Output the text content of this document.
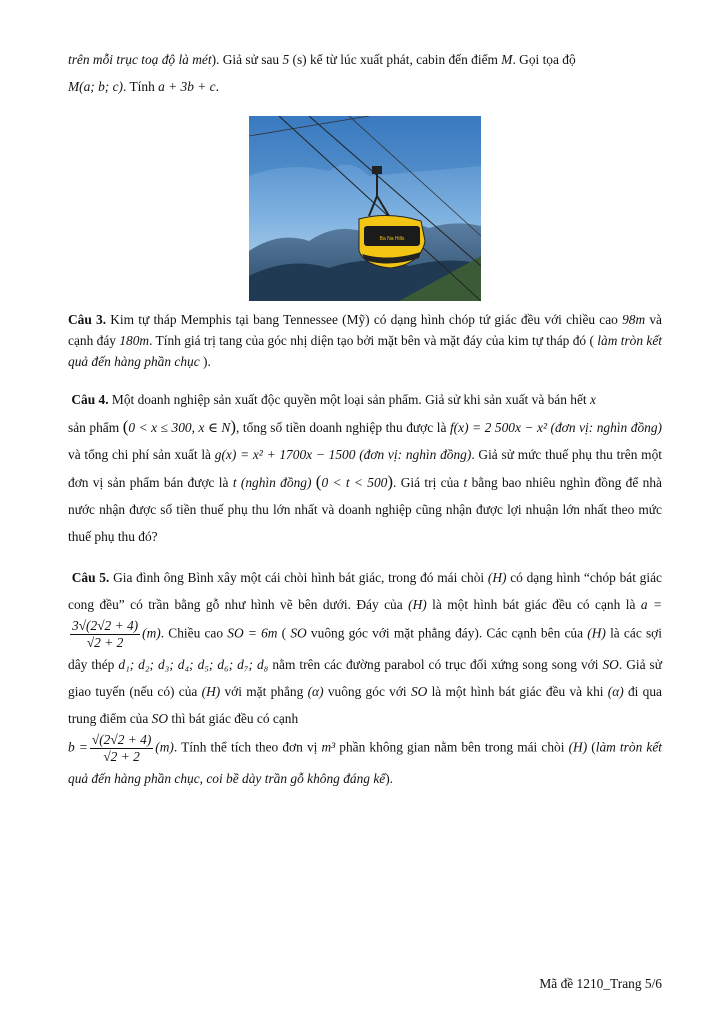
trên mỗi trục toạ độ là mét). Giả sử sau 5 (s) kể từ lúc xuất phát, cabin đến điểm M. Gọi tọa độ
M(a; b; c). Tính a + 3b + c.

Ba Na Hills

Câu 3. Kim tự tháp Memphis tại bang Tennessee (Mỹ) có dạng hình chóp tứ giác đều với chiều cao 98m và cạnh đáy 180m. Tính giá trị tang của góc nhị diện tạo bởi mặt bên và mặt đáy của kim tự tháp đó ( làm tròn kết quả đến hàng phần chục ).

Câu 4. Một doanh nghiệp sản xuất độc quyền một loại sản phẩm. Giả sử khi sản xuất và bán hết x
sản phẩm (0 < x ≤ 300, x ∈ N), tổng số tiền doanh nghiệp thu được là f(x) = 2 500x − x² (đơn vị: nghìn đồng) và tổng chi phí sản xuất là g(x) = x² + 1700x − 1500 (đơn vị: nghìn đồng). Giả sử mức thuế phụ thu trên một đơn vị sản phẩm bán được là t (nghìn đồng) (0 < t < 500). Giá trị của t bằng bao nhiêu nghìn đồng để nhà nước nhận được số tiền thuế phụ thu lớn nhất và doanh nghiệp cũng nhận được lợi nhuận lớn nhất theo mức thuế phụ thu đó?

Câu 5. Gia đình ông Bình xây một cái chòi hình bát giác, trong đó mái chòi (H) có dạng hình “chóp bát giác cong đều” có trần bằng gỗ như hình vẽ bên dưới. Đáy của (H) là một hình bát giác đều có cạnh là a =
$\frac{3√(2√2 + 4)}{√2 + 2} (m)$. Chiều cao SO = 6m ( SO vuông góc với mặt phẳng đáy). Các cạnh bên của (H) là các sợi dây thép d₁; d₂; d₃; d₄; d₅; d₆; d₇; d₈ nằm trên các đường parabol có trục đối xứng song song với SO. Giả sử giao tuyến (nếu có) của (H) với mặt phẳng (α) vuông góc với SO là một hình bát giác đều và khi (α) đi qua trung điểm của SO thì bát giác đều có cạnh
$b = \frac{√(2√2 + 4)}{√2 + 2} (m)$. Tính thể tích theo đơn vị m³ phần không gian nằm bên trong mái chòi (H) (làm tròn kết quả đến hàng phần chục, coi bề dày trần gỗ không đáng kể).

Mã đề 1210_Trang 5/6
